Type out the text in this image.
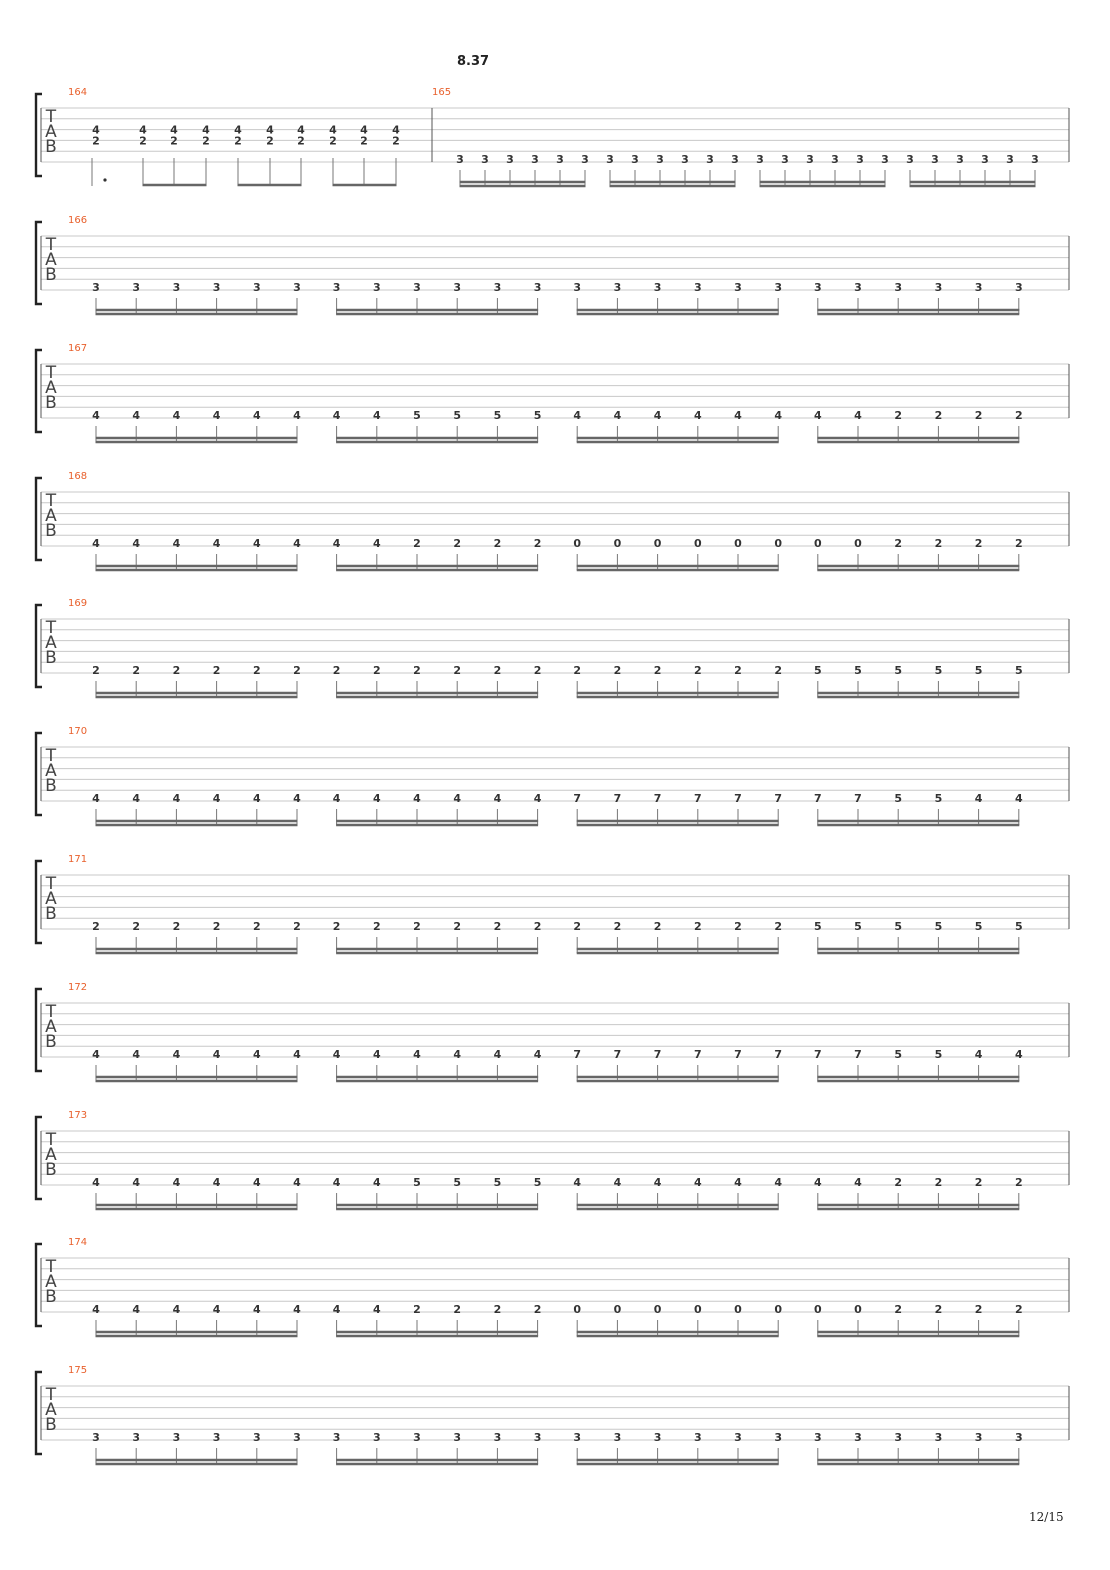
8.37
T
A
B
164	165
4
2
4
2
4
2
4
2
4
2
4
2
4
2
4
2
4
2
4
2
3 3 3 3 3 3 3 3 3 3 3 3 3 3 3 3 3 3 3 3 3 3 3 3
T
A
B
166
3	3	3	3	3	3	3	3	3	3	3	3	3	3	3	3	3	3	3	3	3	3	3	3
T
A
B
167
4	4	4	4	4	4	4	4	5	5	5	5	4	4	4	4	4	4	4	4	2	2	2	2
T
A
B
168
4	4	4	4	4	4	4	4	2	2	2	2	0	0	0	0	0	0	0	0	2	2	2	2
T
A
B
169
2	2	2	2	2	2	2	2	2	2	2	2	2	2	2	2	2	2	5	5	5	5	5	5
T
A
B
170
4	4	4	4	4	4	4	4	4	4	4	4	7	7	7	7	7	7	7	7	5	5	4	4
T
A
B
171
2	2	2	2	2	2	2	2	2	2	2	2	2	2	2	2	2	2	5	5	5	5	5	5
T
A
B
172
4	4	4	4	4	4	4	4	4	4	4	4	7	7	7	7	7	7	7	7	5	5	4	4
T
A
B
173
4	4	4	4	4	4	4	4	5	5	5	5	4	4	4	4	4	4	4	4	2	2	2	2
T
A
B
174
4	4	4	4	4	4	4	4	2	2	2	2	0	0	0	0	0	0	0	0	2	2	2	2
T
A
B
175
3	3	3	3	3	3	3	3	3	3	3	3	3	3	3	3	3	3	3	3	3	3	3	3
12/15
